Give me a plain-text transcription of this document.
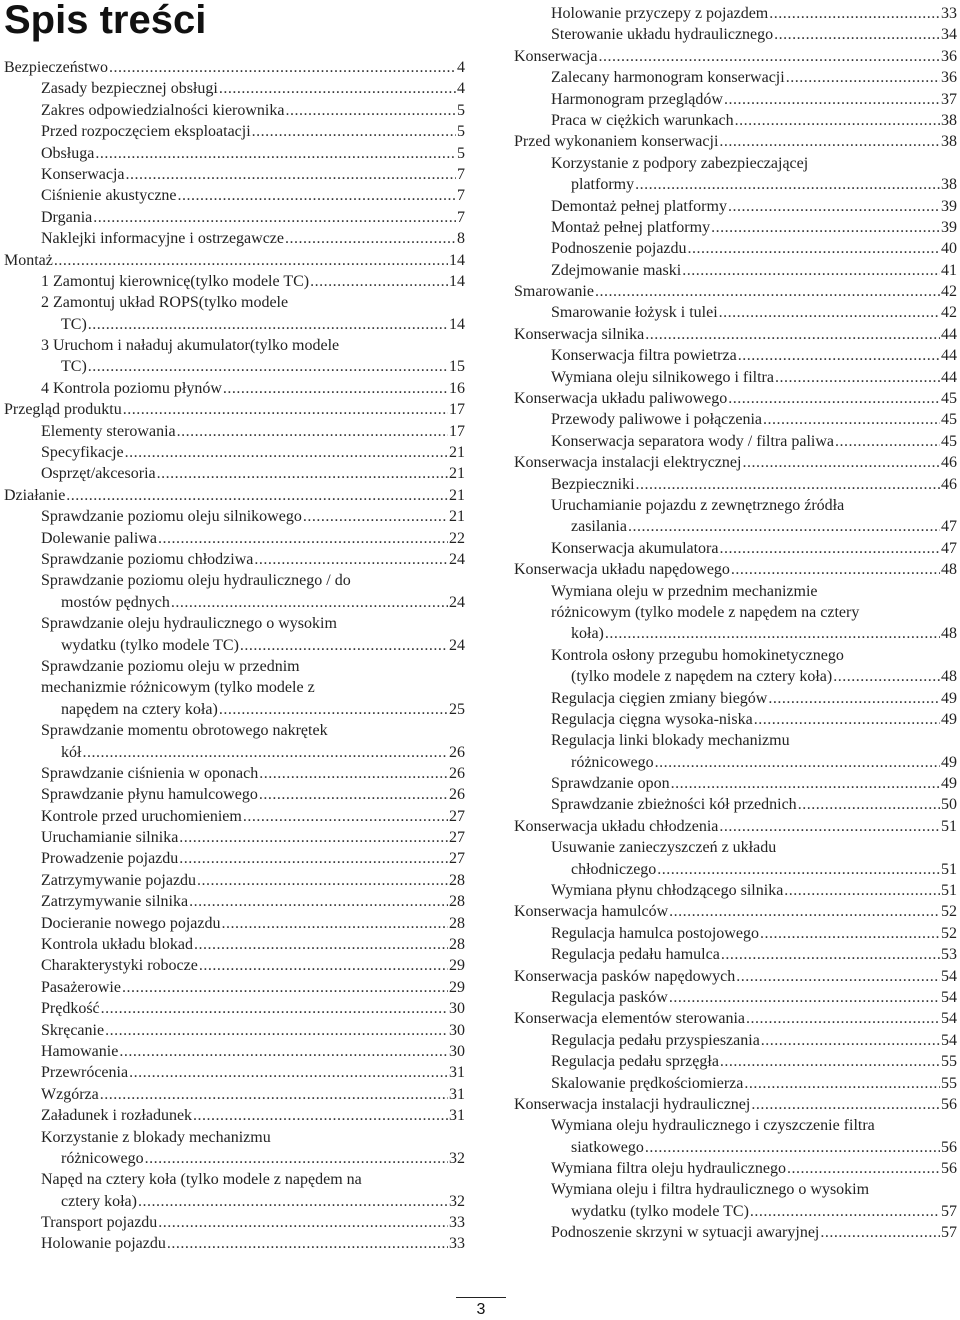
Spis treści
Bezpieczeństwo .....	4
Zasady bezpiecznej obsługi .....	4
Zakres odpowiedzialności kierownika .....	5
Przed rozpoczęciem eksploatacji .....	5
Obsługa .....	5
Konserwacja .....	7
Ciśnienie akustyczne .....	7
Drgania .....	7
Naklejki informacyjne i ostrzegawcze .....	8
Montaż .....	14
1 Zamontuj kierownicę(tylko modele TC) .....	14
2 Zamontuj układ ROPS(tylko modele
TC) .....	14
3 Uruchom i naładuj akumulator(tylko modele
TC) .....	15
4 Kontrola poziomu płynów .....	16
Przegląd produktu .....	17
Elementy sterowania .....	17
Specyfikacje .....	21
Osprzęt/akcesoria .....	21
Działanie .....	21
Sprawdzanie poziomu oleju silnikowego .....	21
Dolewanie paliwa .....	22
Sprawdzanie poziomu chłodziwa .....	24
Sprawdzanie poziomu oleju hydraulicznego / do
mostów pędnych .....	24
Sprawdzanie oleju hydraulicznego o wysokim
wydatku (tylko modele TC) .....	24
Sprawdzanie poziomu oleju w przednim
mechanizmie różnicowym (tylko modele z
napędem na cztery koła) .....	25
Sprawdzanie momentu obrotowego nakrętek
kół .....	26
Sprawdzanie ciśnienia w oponach .....	26
Sprawdzanie płynu hamulcowego .....	26
Kontrole przed uruchomieniem .....	27
Uruchamianie silnika .....	27
Prowadzenie pojazdu .....	27
Zatrzymywanie pojazdu .....	28
Zatrzymywanie silnika .....	28
Docieranie nowego pojazdu .....	28
Kontrola układu blokad .....	28
Charakterystyki robocze .....	29
Pasażerowie .....	29
Prędkość .....	30
Skręcanie .....	30
Hamowanie .....	30
Przewrócenia .....	31
Wzgórza .....	31
Załadunek i rozładunek .....	31
Korzystanie z blokady mechanizmu
różnicowego .....	32
Napęd na cztery koła (tylko modele z napędem na
cztery koła) .....	32
Transport pojazdu .....	33
Holowanie pojazdu .....	33
Holowanie przyczepy z pojazdem .....	33
Sterowanie układu hydraulicznego .....	34
Konserwacja .....	36
Zalecany harmonogram konserwacji .....	36
Harmonogram przeglądów .....	37
Praca w ciężkich warunkach .....	38
Przed wykonaniem konserwacji .....	38
Korzystanie z podpory zabezpieczającej
platformy .....	38
Demontaż pełnej platformy .....	39
Montaż pełnej platformy .....	39
Podnoszenie pojazdu .....	40
Zdejmowanie maski .....	41
Smarowanie .....	42
Smarowanie łożysk i tulei .....	42
Konserwacja silnika .....	44
Konserwacja filtra powietrza .....	44
Wymiana oleju silnikowego i filtra .....	44
Konserwacja układu paliwowego .....	45
Przewody paliwowe i połączenia .....	45
Konserwacja separatora wody / filtra paliwa .....	45
Konserwacja instalacji elektrycznej .....	46
Bezpieczniki .....	46
Uruchamianie pojazdu z zewnętrznego źródła
zasilania .....	47
Konserwacja akumulatora .....	47
Konserwacja układu napędowego .....	48
Wymiana oleju w przednim mechanizmie
różnicowym (tylko modele z napędem na cztery
koła) .....	48
Kontrola osłony przegubu homokinetycznego
(tylko modele z napędem na cztery koła) .....	48
Regulacja cięgien zmiany biegów .....	49
Regulacja cięgna wysoka-niska .....	49
Regulacja linki blokady mechanizmu
różnicowego .....	49
Sprawdzanie opon .....	49
Sprawdzanie zbieżności kół przednich .....	50
Konserwacja układu chłodzenia .....	51
Usuwanie zanieczyszczeń z układu
chłodniczego .....	51
Wymiana płynu chłodzącego silnika .....	51
Konserwacja hamulców .....	52
Regulacja hamulca postojowego .....	52
Regulacja pedału hamulca .....	53
Konserwacja pasków napędowych .....	54
Regulacja pasków .....	54
Konserwacja elementów sterowania .....	54
Regulacja pedału przyspieszania .....	54
Regulacja pedału sprzęgła .....	55
Skalowanie prędkościomierza .....	55
Konserwacja instalacji hydraulicznej .....	56
Wymiana oleju hydraulicznego i czyszczenie filtra
siatkowego .....	56
Wymiana filtra oleju hydraulicznego .....	56
Wymiana oleju i filtra hydraulicznego o wysokim
wydatku (tylko modele TC) .....	57
Podnoszenie skrzyni w sytuacji awaryjnej .....	57
3
